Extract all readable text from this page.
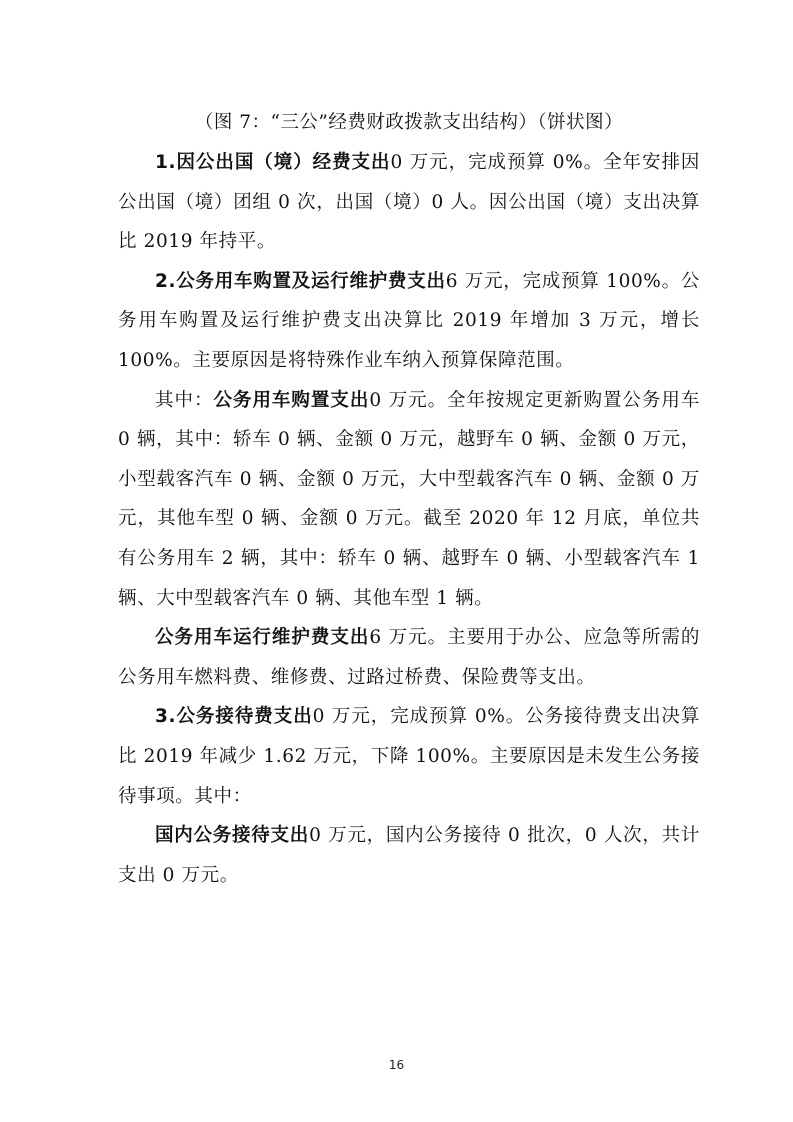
（图 7：“三公”经费财政拨款支出结构）（饼状图）

1.因公出国（境）经费支出0 万元，完成预算 0%。全年安排因公出国（境）团组 0 次，出国（境）0 人。因公出国（境）支出决算比 2019 年持平。

2.公务用车购置及运行维护费支出6 万元，完成预算 100%。公务用车购置及运行维护费支出决算比 2019 年增加 3 万元，增长 100%。主要原因是将特殊作业车纳入预算保障范围。

其中：公务用车购置支出0 万元。全年按规定更新购置公务用车 0 辆，其中：轿车 0 辆、金额 0 万元，越野车 0 辆、金额 0 万元，小型载客汽车 0 辆、金额 0 万元，大中型载客汽车 0 辆、金额 0 万元，其他车型 0 辆、金额 0 万元。截至 2020 年 12 月底，单位共有公务用车 2 辆，其中：轿车 0 辆、越野车 0 辆、小型载客汽车 1 辆、大中型载客汽车 0 辆、其他车型 1 辆。

公务用车运行维护费支出6 万元。主要用于办公、应急等所需的公务用车燃料费、维修费、过路过桥费、保险费等支出。

3.公务接待费支出0 万元，完成预算 0%。公务接待费支出决算比 2019 年减少 1.62 万元，下降 100%。主要原因是未发生公务接待事项。其中：

国内公务接待支出0 万元，国内公务接待 0 批次，0 人次，共计支出 0 万元。

16
